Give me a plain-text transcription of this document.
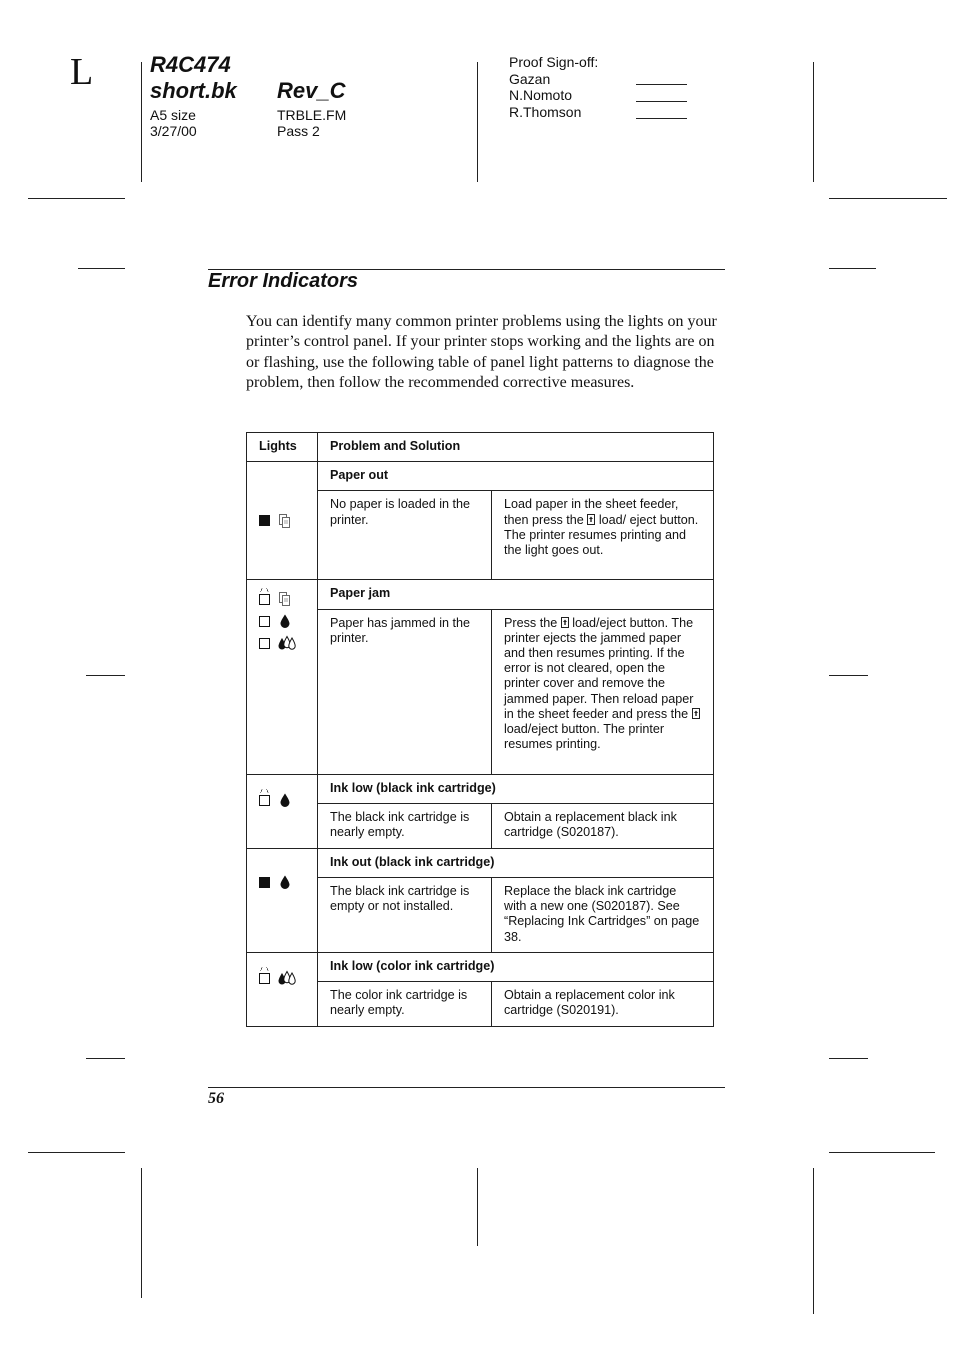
L	R4C474
short.bk Rev_C
A5 size
3/27/00
TRBLE.FM
Pass 2
Proof Sign-off:
Gazan
N.Nomoto
R.Thomson
Error Indicators
You can identify many common printer problems using the lights on your printer’s control panel. If your printer stops working and the lights are on or flashing, use the following table of panel light patterns to diagnose the problem, then follow the recommended corrective measures.
Lights	Problem and Solution	

	Paper out	
	No paper is loaded in the printer.	Load paper in the sheet feeder, then press the load/ eject button. The printer resumes printing and the light goes out.

	Paper jam	
	Paper has jammed in the printer.	Press the load/eject button. The printer ejects the jammed paper and then resumes printing. If the error is not cleared, open the printer cover and remove the jammed paper. Then reload paper in the sheet feeder and press the  load/eject button. The printer resumes printing.

	Ink low (black ink cartridge)	
	The black ink cartridge is nearly empty.	Obtain a replacement black ink cartridge (S020187).

	Ink out (black ink cartridge)	
	The black ink cartridge is empty or not installed.	Replace the black ink cartridge with a new one (S020187). See “Replacing Ink Cartridges” on page 38.

	Ink low (color ink cartridge)	
	The color ink cartridge is nearly empty.	Obtain a replacement color ink cartridge (S020191).
56
